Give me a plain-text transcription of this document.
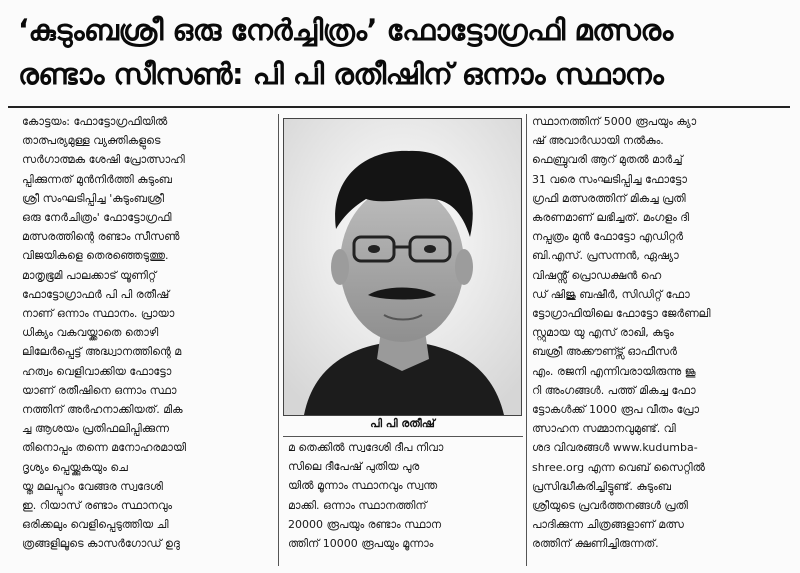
‘കുടുംബശ്രീ ഒരു നേർച്ചിത്രം’ ഫോട്ടോഗ്രഫി മത്സരം
രണ്ടാം സീസൺ: പി പി രതീഷിന് ഒന്നാം സ്ഥാനം
കോട്ടയം: ഫോട്ടോഗ്രഫിയിൽ
താത്പര്യമുള്ള വ്യക്തികളുടെ
സർഗാത്മക ശേഷി പ്രോത്സാഹി
പ്പിക്കുന്നത് മുൻനിർത്തി കുടുംബ
ശ്രീ സംഘടിപ്പിച്ച 'കുടുംബശ്രീ
ഒരു നേർചിത്രം' ഫോട്ടോഗ്രഫി
മത്സരത്തിന്റെ രണ്ടാം സീസൺ
വിജയികളെ തെരഞ്ഞെടുത്തു.
മാതൃഭൂമി പാലക്കാട് യൂണിറ്റ്
ഫോട്ടോഗ്രാഫർ പി പി രതീഷ്
നാണ് ഒന്നാം സ്ഥാനം. പ്രായാ
ധിക്യം വകവയ്ക്കാതെ തൊഴി
ലിലേർപ്പെട്ട് അദ്ധ്വാനത്തിന്റെ മ
ഹത്വം വെളിവാക്കിയ ഫോട്ടോ
യാണ് രതീഷിനെ ഒന്നാം സ്ഥാ
നത്തിന് അർഹനാക്കിയത്. മിക
ച്ച ആശയം പ്രതിഫലിപ്പിക്കുന്ന
തിനൊപ്പം തന്നെ മനോഹരമായി
ദൃശ്യം പ്പെയ്ക്കുകയും ചെ
യ്ത മലപ്പുറം വേങ്ങര സ്വദേശി
ഇ. റിയാസ് രണ്ടാം സ്ഥാനവും
ഒരിക്കലും വെളിപ്പെടുത്തിയ ചി
ത്രങ്ങളിലൂടെ കാസർഗോഡ് ഉദു
പി പി രതീഷ്
മ തെക്കിൽ സ്വദേശി ദീപ നിവാ
സിലെ ദീപേഷ് പുതിയ പുര
യിൽ മൂന്നാം സ്ഥാനവും സ്വന്ത
മാക്കി. ഒന്നാം സ്ഥാനത്തിന്
20000 രൂപയും രണ്ടാം സ്ഥാന
ത്തിന് 10000 രൂപയും മൂന്നാം
സ്ഥാനത്തിന് 5000 രൂപയും ക്യാ
ഷ് അവാർഡായി നൽകും.
ഫെബ്രുവരി ആറ് മുതൽ മാർച്ച്
31 വരെ സംഘടിപ്പിച്ച ഫോട്ടോ
ഗ്രഫി മത്സരത്തിന് മികച്ച പ്രതി
കരണമാണ് ലഭിച്ചത്. മംഗളം ദി
നപ്പത്രം മുൻ ഫോട്ടോ എഡിറ്റർ
ബി.എസ്. പ്രസന്നൻ, ഏഷ്യാ
വിഷൻ്സ് പ്രൊഡക്ഷൻ ഹെ
ഡ് ഷിജു ബഷീർ, സിഡിറ്റ് ഫോ
ട്ടോഗ്രാഫിയിലെ ഫോട്ടോ ജേർണലി
സ്റ്റുമായ യു എസ് രാഖി, കുടും
ബശ്രീ അക്കൗണ്ട്സ് ഓഫീസർ
എം. രജനി എന്നിവരായിരുന്നു ജൂ
റി അംഗങ്ങൾ. പത്ത് മികച്ച ഫോ
ട്ടോകൾക്ക് 1000 രൂപ വീതം പ്രോ
ത്സാഹന സമ്മാനവുമുണ്ട്. വി
ശദ വിവരങ്ങൾ www.kudumba-
shree.org എന്ന വെബ് സൈറ്റിൽ
പ്രസിദ്ധീകരിച്ചിട്ടുണ്ട്. കുടുംബ
ശ്രീയുടെ പ്രവർത്തനങ്ങൾ പ്രതി
പാദിക്കുന്ന ചിത്രങ്ങളാണ് മത്സ
രത്തിന് ക്ഷണിച്ചിരുന്നത്.
